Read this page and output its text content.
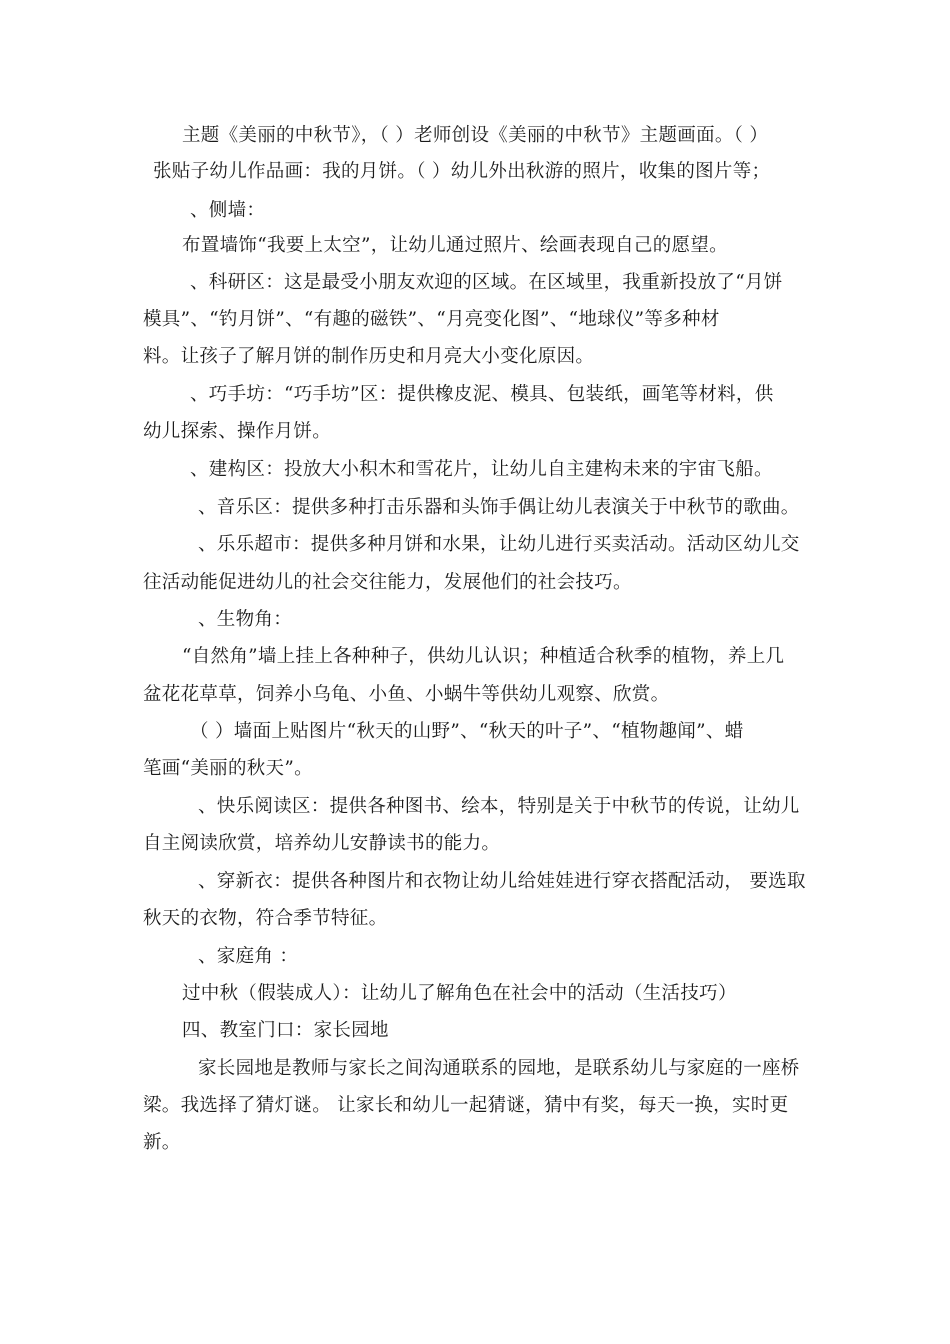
主题《美丽的中秋节》，（ ）老师创设《美丽的中秋节》主题画面。（ ）
张贴子幼儿作品画：我的月饼。（ ）幼儿外出秋游的照片，收集的图片等；
、侧墙：
布置墙饰“我要上太空”，让幼儿通过照片、绘画表现自己的愿望。
、科研区：这是最受小朋友欢迎的区域。在区域里，我重新投放了“月饼
模具”、“钓月饼”、“有趣的磁铁”、“月亮变化图”、“地球仪”等多种材
料。让孩子了解月饼的制作历史和月亮大小变化原因。
、巧手坊：“巧手坊”区：提供橡皮泥、模具、包装纸，画笔等材料，供
幼儿探索、操作月饼。
、建构区：投放大小积木和雪花片，让幼儿自主建构未来的宇宙飞船。
、音乐区：提供多种打击乐器和头饰手偶让幼儿表演关于中秋节的歌曲。
、乐乐超市：提供多种月饼和水果，让幼儿进行买卖活动。活动区幼儿交
往活动能促进幼儿的社会交往能力，发展他们的社会技巧。
、生物角：
“自然角”墙上挂上各种种子，供幼儿认识；种植适合秋季的植物，养上几
盆花花草草，饲养小乌龟、小鱼、小蜗牛等供幼儿观察、欣赏。
（ ）墙面上贴图片“秋天的山野”、“秋天的叶子”、“植物趣闻”、蜡
笔画“美丽的秋天”。
、快乐阅读区：提供各种图书、绘本，特别是关于中秋节的传说，让幼儿
自主阅读欣赏，培养幼儿安静读书的能力。
、穿新衣：提供各种图片和衣物让幼儿给娃娃进行穿衣搭配活动， 要选取
秋天的衣物，符合季节特征。
、家庭角 ：
过中秋（假装成人）：让幼儿了解角色在社会中的活动（生活技巧）
四、教室门口：家长园地
家长园地是教师与家长之间沟通联系的园地，是联系幼儿与家庭的一座桥
梁。我选择了猜灯谜。 让家长和幼儿一起猜谜，猜中有奖，每天一换，实时更
新。
